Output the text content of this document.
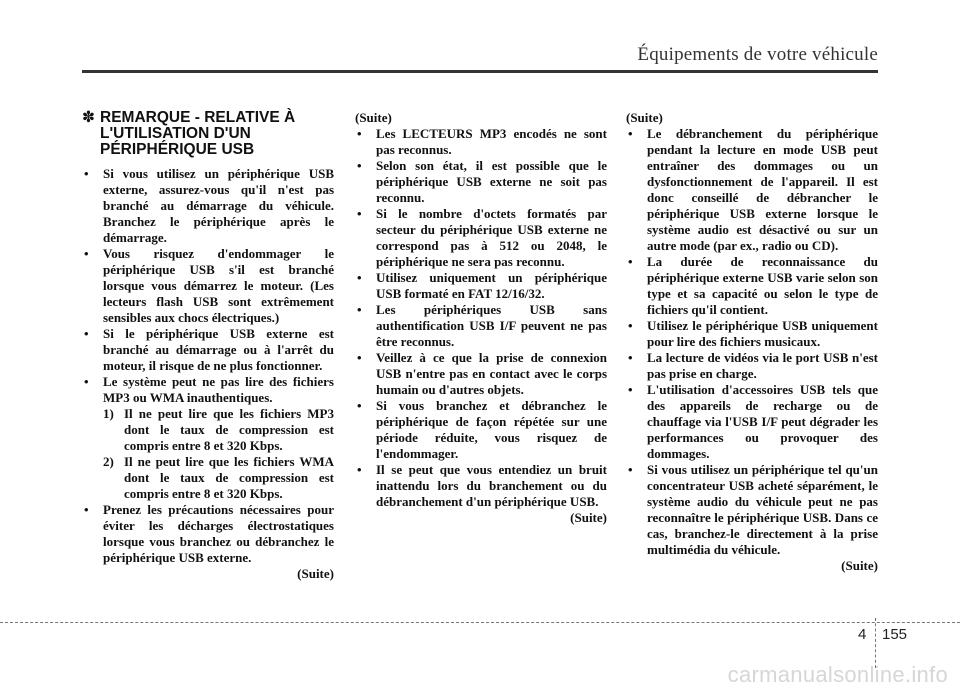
Équipements de votre véhicule
✽ REMARQUE - RELATIVE À
L'UTILISATION D'UN
PÉRIPHÉRIQUE USB
• Si vous utilisez un périphérique USB externe, assurez-vous qu'il n'est pas branché au démarrage du véhicule. Branchez le périphérique après le démarrage.
• Vous risquez d'endommager le périphérique USB s'il est branché lorsque vous démarrez le moteur. (Les lecteurs flash USB sont extrêmement sensibles aux chocs électriques.)
• Si le périphérique USB externe est branché au démarrage ou à l'arrêt du moteur, il risque de ne plus fonctionner.
• Le système peut ne pas lire des fichiers MP3 ou WMA inauthentiques.
1) Il ne peut lire que les fichiers MP3 dont le taux de compression est compris entre 8 et 320 Kbps.
2) Il ne peut lire que les fichiers WMA dont le taux de compression est compris entre 8 et 320 Kbps.
• Prenez les précautions nécessaires pour éviter les décharges électrostatiques lorsque vous branchez ou débranchez le périphérique USB externe.
(Suite)
(Suite)
• Les LECTEURS MP3 encodés ne sont pas reconnus.
• Selon son état, il est possible que le périphérique USB externe ne soit pas reconnu.
• Si le nombre d'octets formatés par secteur du périphérique USB externe ne correspond pas à 512 ou 2048, le périphérique ne sera pas reconnu.
• Utilisez uniquement un périphérique USB formaté en FAT 12/16/32.
• Les périphériques USB sans authentification USB I/F peuvent ne pas être reconnus.
• Veillez à ce que la prise de connexion USB n'entre pas en contact avec le corps humain ou d'autres objets.
• Si vous branchez et débranchez le périphérique de façon répétée sur une période réduite, vous risquez de l'endommager.
• Il se peut que vous entendiez un bruit inattendu lors du branchement ou du débranchement d'un périphérique USB.
(Suite)
(Suite)
• Le débranchement du périphérique pendant la lecture en mode USB peut entraîner des dommages ou un dysfonctionnement de l'appareil. Il est donc conseillé de débrancher le périphérique USB externe lorsque le système audio est désactivé ou sur un autre mode (par ex., radio ou CD).
• La durée de reconnaissance du périphérique externe USB varie selon son type et sa capacité ou selon le type de fichiers qu'il contient.
• Utilisez le périphérique USB uniquement pour lire des fichiers musicaux.
• La lecture de vidéos via le port USB n'est pas prise en charge.
• L'utilisation d'accessoires USB tels que des appareils de recharge ou de chauffage via l'USB I/F peut dégrader les performances ou provoquer des dommages.
• Si vous utilisez un périphérique tel qu'un concentrateur USB acheté séparément, le système audio du véhicule peut ne pas reconnaître le périphérique USB. Dans ce cas, branchez-le directement à la prise multimédia du véhicule.
(Suite)
4 155
carmanualsonline.info
